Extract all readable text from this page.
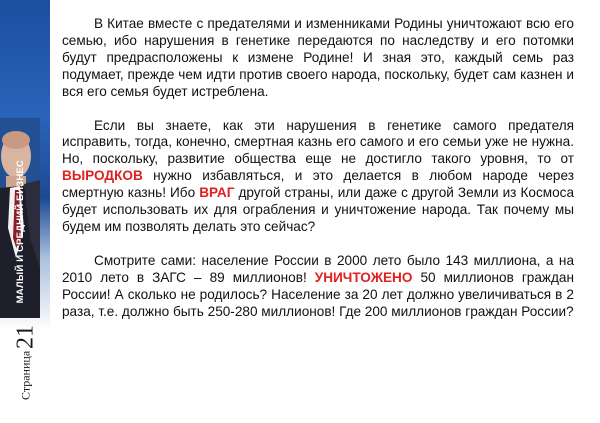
МАЛЫЙ И СРЕДНИЙ БИЗНЕС
Страница
21

В Китае вместе с предателями и изменниками Родины уничтожают всю его семью, ибо нарушения в генетике передаются по наследству и его потомки будут предрасположены к измене Родине! И зная это, каждый семь раз подумает, прежде чем идти против своего народа, поскольку, будет сам казнен и вся его семья будет истреблена.

Если вы знаете, как эти нарушения в генетике самого предателя исправить, тогда, конечно, смертная казнь его самого и его семьи уже не нужна. Но, поскольку, развитие общества еще не достигло такого уровня, то от ВЫРОДКОВ нужно избавляться, и это делается в любом народе через смертную казнь! Ибо ВРАГ другой страны, или даже с другой Земли из Космоса будет использовать их для ограбления и уничтожение народа. Так почему мы будем им позволять делать это сейчас?

Смотрите сами: население России в 2000 лето было 143 миллиона, а на 2010 лето в ЗАГС – 89 миллионов! УНИЧТОЖЕНО 50 миллионов граждан России! А сколько не родилось? Население за 20 лет должно увеличиваться в 2 раза, т.е. должно быть 250-280 миллионов! Где 200 миллионов граждан России?
